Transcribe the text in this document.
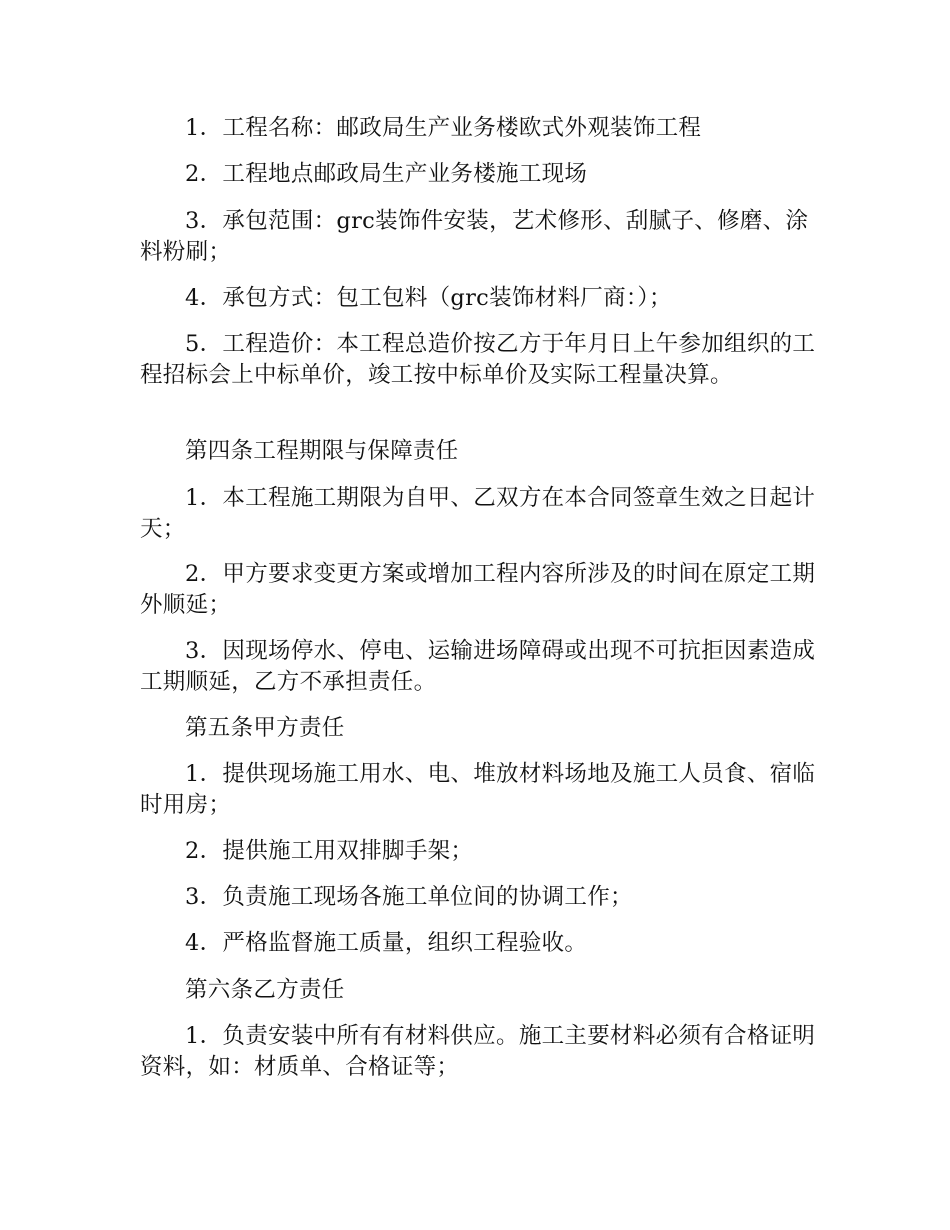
1．工程名称：邮政局生产业务楼欧式外观装饰工程

2．工程地点邮政局生产业务楼施工现场

3．承包范围：grc装饰件安装，艺术修形、刮腻子、修磨、涂料粉刷；

4．承包方式：包工包料（grc装饰材料厂商：）；

5．工程造价：本工程总造价按乙方于年月日上午参加组织的工程招标会上中标单价，竣工按中标单价及实际工程量决算。

第四条工程期限与保障责任

1．本工程施工期限为自甲、乙双方在本合同签章生效之日起计天；

2．甲方要求变更方案或增加工程内容所涉及的时间在原定工期外顺延；

3．因现场停水、停电、运输进场障碍或出现不可抗拒因素造成工期顺延，乙方不承担责任。

第五条甲方责任

1．提供现场施工用水、电、堆放材料场地及施工人员食、宿临时用房；

2．提供施工用双排脚手架；

3．负责施工现场各施工单位间的协调工作；

4．严格监督施工质量，组织工程验收。

第六条乙方责任

1．负责安装中所有有材料供应。施工主要材料必须有合格证明资料，如：材质单、合格证等；
